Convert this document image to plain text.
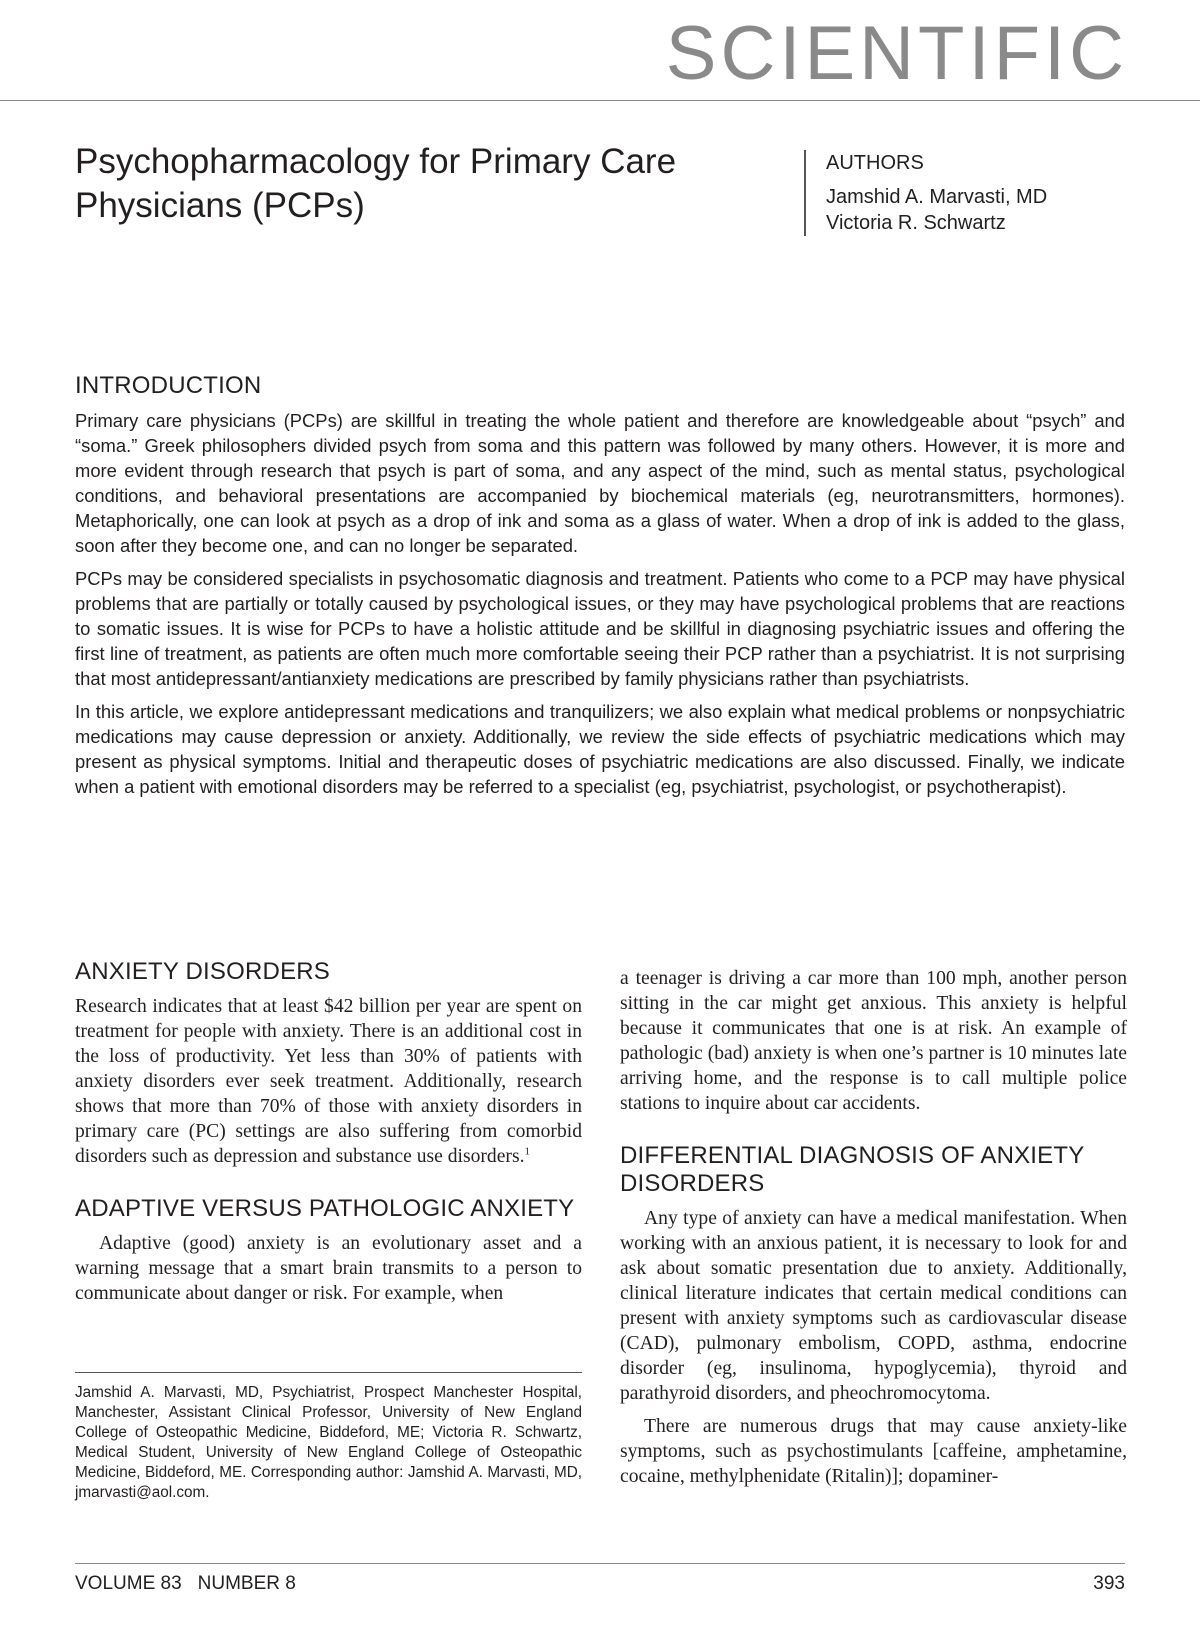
SCIENTIFIC
Psychopharmacology for Primary Care Physicians (PCPs)
AUTHORS
Jamshid A. Marvasti, MD
Victoria R. Schwartz
INTRODUCTION

Primary care physicians (PCPs) are skillful in treating the whole patient and therefore are knowledgeable about “psych” and “soma.” Greek philosophers divided psych from soma and this pattern was followed by many others. However, it is more and more evident through research that psych is part of soma, and any aspect of the mind, such as mental status, psychological conditions, and behavioral presentations are accompanied by biochemical materials (eg, neurotransmitters, hormones). Metaphorically, one can look at psych as a drop of ink and soma as a glass of water. When a drop of ink is added to the glass, soon after they become one, and can no longer be separated.

PCPs may be considered specialists in psychosomatic diagnosis and treatment. Patients who come to a PCP may have physical problems that are partially or totally caused by psychological issues, or they may have psychological problems that are reactions to somatic issues. It is wise for PCPs to have a holistic attitude and be skillful in diagnosing psychiatric issues and offering the first line of treatment, as patients are often much more comfortable seeing their PCP rather than a psychiatrist. It is not surprising that most antidepressant/antianxiety medications are prescribed by family physicians rather than psychiatrists.

In this article, we explore antidepressant medications and tranquilizers; we also explain what medical problems or nonpsychiatric medications may cause depression or anxiety. Additionally, we review the side effects of psychiatric medications which may present as physical symptoms. Initial and therapeutic doses of psychiatric medications are also discussed. Finally, we indicate when a patient with emotional disorders may be referred to a specialist (eg, psychiatrist, psychologist, or psychotherapist).

ANXIETY DISORDERS

Research indicates that at least $42 billion per year are spent on treatment for people with anxiety. There is an additional cost in the loss of productivity. Yet less than 30% of patients with anxiety disorders ever seek treatment. Additionally, research shows that more than 70% of those with anxiety disorders in primary care (PC) settings are also suffering from comorbid disorders such as depression and substance use disorders.$^1$

ADAPTIVE VERSUS PATHOLOGIC ANXIETY

Adaptive (good) anxiety is an evolutionary asset and a warning message that a smart brain transmits to a person to communicate about danger or risk. For example, when

Jamshid A. Marvasti, MD, Psychiatrist, Prospect Manchester Hospital, Manchester, Assistant Clinical Professor, University of New England College of Osteopathic Medicine, Biddeford, ME; Victoria R. Schwartz, Medical Student, University of New England College of Osteopathic Medicine, Biddeford, ME. Corresponding author: Jamshid A. Marvasti, MD, jmarvasti@aol.com.

a teenager is driving a car more than 100 mph, another person sitting in the car might get anxious. This anxiety is helpful because it communicates that one is at risk. An example of pathologic (bad) anxiety is when one’s partner is 10 minutes late arriving home, and the response is to call multiple police stations to inquire about car accidents.

DIFFERENTIAL DIAGNOSIS OF ANXIETY DISORDERS

Any type of anxiety can have a medical manifestation. When working with an anxious patient, it is necessary to look for and ask about somatic presentation due to anxiety. Additionally, clinical literature indicates that certain medical conditions can present with anxiety symptoms such as cardiovascular disease (CAD), pulmonary embolism, COPD, asthma, endocrine disorder (eg, insulinoma, hypoglycemia), thyroid and parathyroid disorders, and pheochromocytoma.

There are numerous drugs that may cause anxiety-like symptoms, such as psychostimulants [caffeine, amphetamine, cocaine, methylphenidate (Ritalin)]; dopaminer-

VOLUME 83 NUMBER 8	393
